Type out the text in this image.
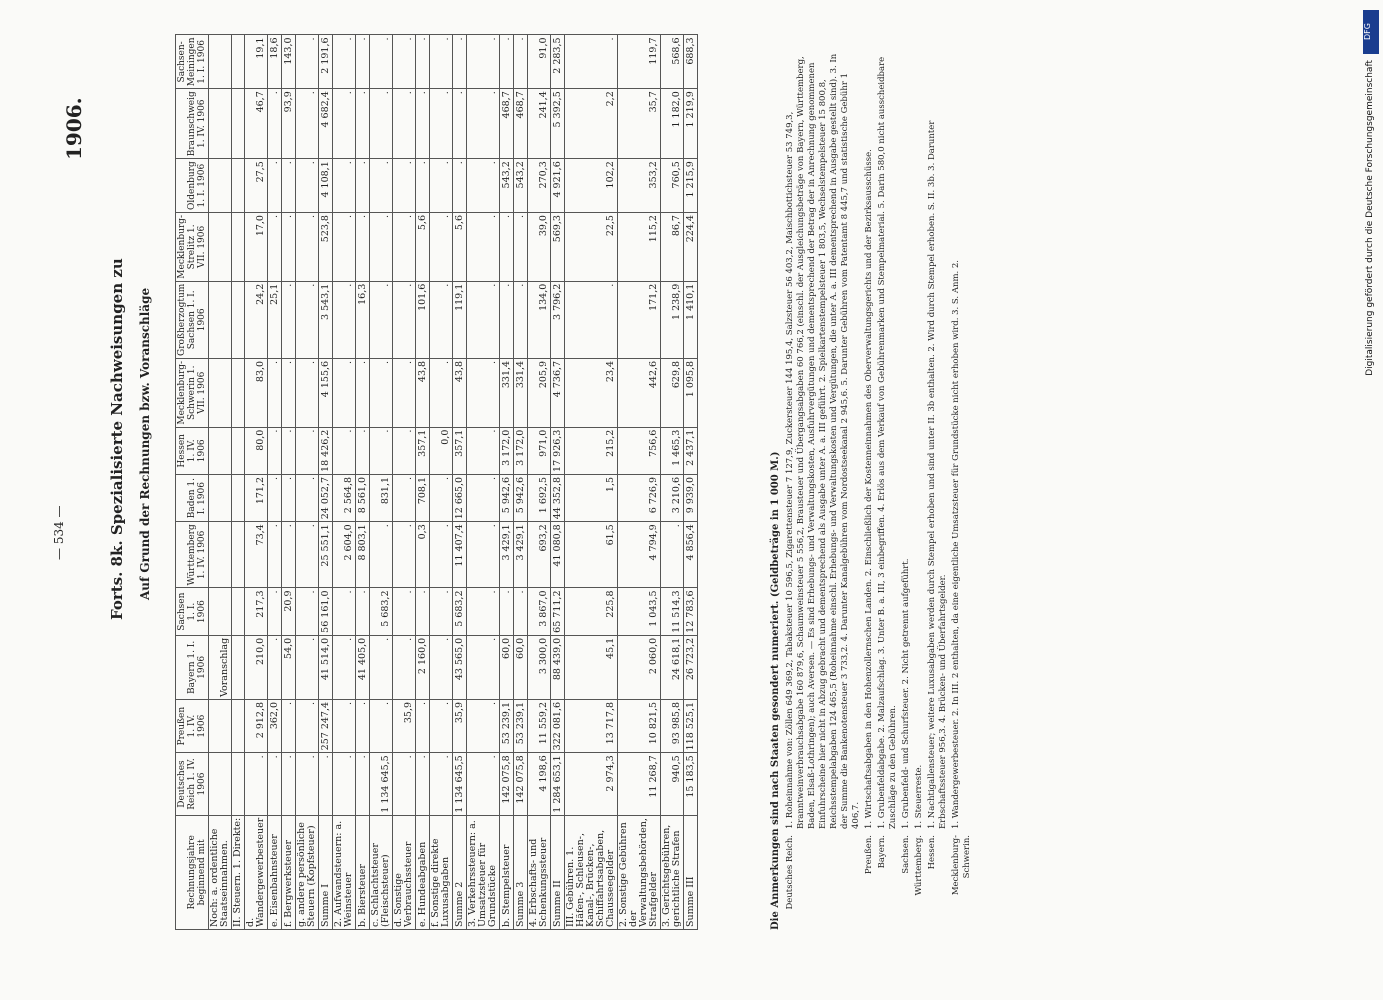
— 534 —
1906.
Forts. 8k. Spezialisierte Nachweisungen zu Auf Grund der Rechnungen bzw. Voranschläge
Rechnungsjahre beginnend mit	Deutsches Reich 1. IV. 1906	Preußen 1. IV. 1906	Bayern 1. I. 1906	Sachsen 1. I. 1906	Württemberg 1. IV. 1906	Baden 1. I. 1906	Hessen 1. IV. 1906	Mecklenburg-Schwerin 1. VII. 1906	Großherzogtum Sachsen 1. I. 1906	Mecklenburg-Strelitz 1. VII. 1906	Oldenburg 1. I. 1906	Braunschweig 1. IV. 1906	Sachsen-Meiningen 1. I. 1906
Noch: a. ordentliche Staatseinnahmen.			Voranschlag										
II. Steuern. 1. Direkte:													
d. Wandergewerbesteuer	.	2 912,8	210,0	217,3	73,4	171,2	80,0	83,0	24,2	17,0	27,5	46,7	19,1
e. Eisenbahnsteuer	.	362,0	.	.	.	.	.	.	25,1	.	.	.	18,6
f. Bergwerksteuer	.	.	54,0	20,9	.	.	.	.	.	.	.	93,9	143,0
g. andere persönliche Steuern (Kopfsteuer)	.	.	.	.	.	.	.	.	.	.	.	.	.
Summe I	.	257 247,4	41 514,0	56 161,0	25 551,1	24 052,7	18 426,2	4 155,6	3 543,1	523,8	4 108,1	4 682,4	2 191,6
2. Aufwandsteuern: a. Weinsteuer	.	.	.	.	2 604,0	2 564,8	.	.	.	.	.	.	.
b. Biersteuer	.	.	41 405,0	.	8 803,1	8 561,0	.	.	16,3	.	.	.	.
c. Schlachtsteuer (Fleischsteuer)	1 134 645,5	.	.	5 683,2	.	831,1	.	.	.	.	.	.	.
d. Sonstige Verbrauchssteuer	.	35,9	.	.	.	.	.	.	.	.	.	.	.
e. Hundeabgaben	.	.	2 160,0	.	0,3	708,1	357,1	43,8	101,6	5,6	.	.	.
f. Sonstige direkte Luxusabgaben	.	.	.	.	.	.	0,0	.	.	.	.	.	.
Summe 2	1 134 645,5	35,9	43 565,0	5 683,2	11 407,4	12 665,0	357,1	43,8	119,1	5,6	.	.	.
3. Verkehrssteuern: a. Umsatzsteuer für Grundstücke	.	.	.	.	.	.	.	.	.	.	.	.	.
b. Stempelsteuer	142 075,8	53 239,1	60,0	.	3 429,1	5 942,6	3 172,0	331,4	.	.	543,2	468,7	.
Summe 3	142 075,8	53 239,1	60,0	.	3 429,1	5 942,6	3 172,0	331,4	.	.	543,2	468,7	.
4. Erbschafts- und Schenkungssteuer	4 198,6	11 559,2	3 300,0	3 867,0	693,2	1 692,5	971,0	205,9	134,0	39,0	270,3	241,4	91,0
Summe II	1 284 653,1	322 081,6	88 439,0	65 711,2	41 080,8	44 352,8	17 926,3	4 736,7	3 796,2	569,3	4 921,6	5 392,5	2 283,5
III. Gebühren. 1. Häfen-, Schleusen-, Kanal-, Brücken-, Schiffahrtsabgaben, Chausseegelder	2 974,3	13 717,8	45,1	225,8	61,5	1,5	215,2	23,4	.	22,5	102,2	2,2	.
2. Sonstige Gebühren der Verwaltungsbehörden, Strafgelder	11 268,7	10 821,5	2 060,0	1 043,5	4 794,9	6 726,9	756,6	442,6	171,2	115,2	353,2	35,7	119,7
3. Gerichtsgebühren, gerichtliche Strafen	940,5	93 985,8	24 618,1	11 514,3	.	3 210,6	1 465,3	629,8	1 238,9	86,7	760,5	1 182,0	568,6
Summe III	15 183,5	118 525,1	26 723,2	12 783,6	4 856,4	9 939,0	2 437,1	1 095,8	1 410,1	224,4	1 215,9	1 219,9	688,3
Die Anmerkungen sind nach Staaten gesondert numeriert. (Geldbeträge in 1 000 M.) Deutsches Reich.
1. Roheinnahme von: Zöllen 649 369,2, Tabaksteuer 10 596,5, Zigarettensteuer 7 127,9, Zuckersteuer 144 195,4, Salzsteuer 56 403,2, Maischbottichsteuer 53 749,3, Branntweinverbrauchsabgabe 160 879,6, Schaumweinsteuer 5 556,2, Brausteuer und Übergangsabgaben 60 766,2 (einschl. der Ausgleichungsbeträge von Bayern, Württemberg, Baden, Elsaß-Lothringen); auch Aversen. — Es sind Erhebungs- und Verwaltungskosten, Ausfuhrvergütungen und dementsprechend der Betrag der in Anrechnung genommenen Einfuhrscheine hier nicht in Abzug gebracht und dementsprechend als Ausgabe unter A. a. III geführt. 2. Spielkartenstempelsteuer 1 803,5, Wechselstempelsteuer 15 800,8, Reichsstempelabgaben 124 465,5 (Roheinnahme einschl. Erhebungs- und Verwaltungskosten und Vergütungen, die unter A. a. III dementsprechend in Ausgabe gestellt sind). 3. In der Summe die Bankenotensteuer 3 733,2. 4. Darunter Kanalgebühren vom Nordostseekanal 2 945,6. 5. Darunter Gebühren vom Patentamt 8 445,7 und statistische Gebühr 1 406,7.
Preußen.
1. Wirtschaftsabgaben in den Hohenzollernschen Landen. 2. Einschließlich der Kostenneinnahmen des Oberverwaltungsgerichts und der Bezirksausschüsse.
Bayern.
1. Grubenfeldabgabe. 2. Malzaufschlag. 3. Unter B. a. III, 3 einbegriffen. 4. Erlös aus dem Verkauf von Gebührenmarken und Stempelmaterial. 5. Darin 580,0 nicht ausscheidbare Zuschläge zu den Gebühren.
Sachsen.
1. Grubenfeld- und Schurfsteuer. 2. Nicht getrennt aufgeführt.
Württemberg.
1. Steuerreste.
Hessen.
1. Nachtigallensteuer; weitere Luxusabgaben werden durch Stempel erhoben und sind unter II. 3b enthalten. 2. Wird durch Stempel erhoben. S. II. 3b. 3. Darunter Erbschaftssteuer 956,3. 4. Brücken- und Überfahrtsgelder.
Mecklenburg-Schwerin.
1. Wandergewerbesteuer. 2. In III. 2 enthalten, da eine eigentliche Umsatzsteuer für Grundstücke nicht erhoben wird. 3. S. Anm. 2.
DFG
Digitalisierung gefördert durch die Deutsche Forschungsgemeinschaft
